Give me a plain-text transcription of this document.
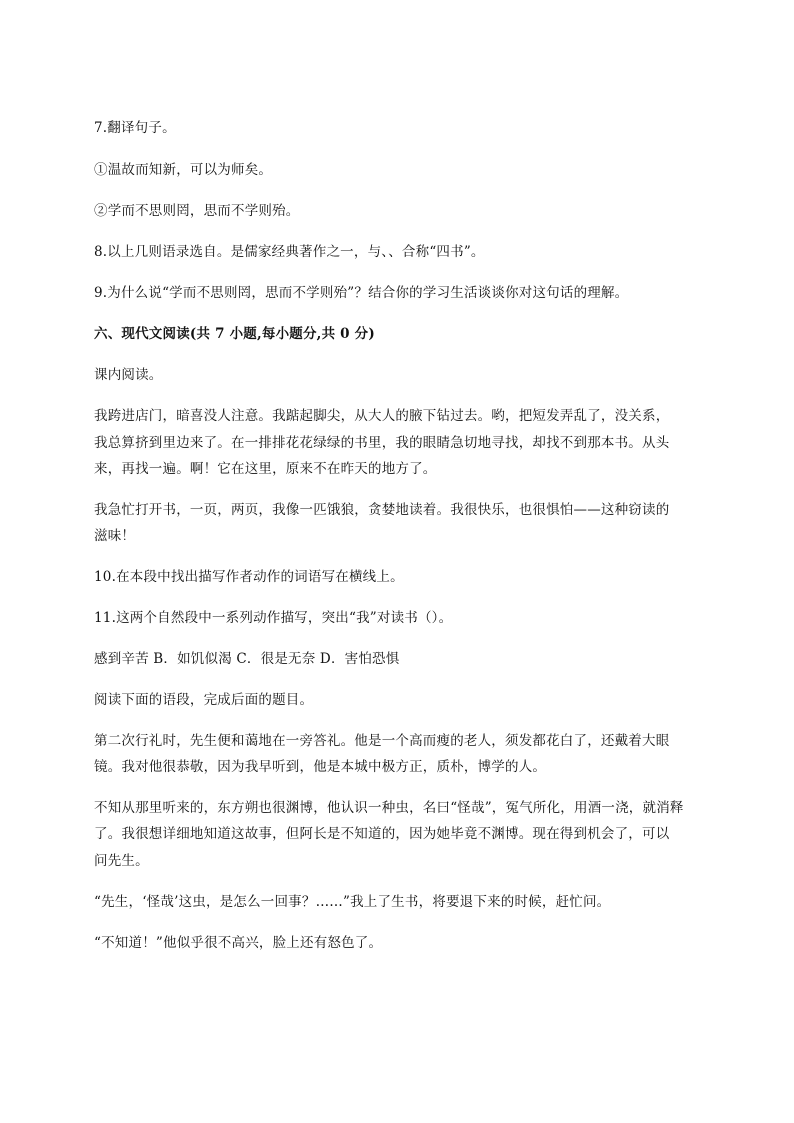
7.翻译句子。
①温故而知新，可以为师矣。
②学而不思则罔，思而不学则殆。
8.以上几则语录选自。是儒家经典著作之一，与、、合称“四书”。
9.为什么说“学而不思则罔，思而不学则殆”？结合你的学习生活谈谈你对这句话的理解。
六、现代文阅读(共 7 小题,每小题分,共 0 分)
课内阅读。
我跨进店门，暗喜没人注意。我踮起脚尖，从大人的腋下钻过去。哟，把短发弄乱了，没关系，
我总算挤到里边来了。在一排排花花绿绿的书里，我的眼睛急切地寻找，却找不到那本书。从头
来，再找一遍。啊！它在这里，原来不在昨天的地方了。
我急忙打开书，一页，两页，我像一匹饿狼，贪婪地读着。我很快乐，也很惧怕——这种窃读的
滋味！
10.在本段中找出描写作者动作的词语写在横线上。
11.这两个自然段中一系列动作描写，突出“我”对读书（）。
感到辛苦 B．如饥似渴 C．很是无奈 D．害怕恐惧
阅读下面的语段，完成后面的题目。
第二次行礼时，先生便和蔼地在一旁答礼。他是一个高而瘦的老人，须发都花白了，还戴着大眼
镜。我对他很恭敬，因为我早听到，他是本城中极方正，质朴，博学的人。
不知从那里听来的，东方朔也很渊博，他认识一种虫，名曰“怪哉”，冤气所化，用酒一浇，就消释
了。我很想详细地知道这故事，但阿长是不知道的，因为她毕竟不渊博。现在得到机会了，可以
问先生。
“先生，‘怪哉’这虫，是怎么一回事？……”我上了生书，将要退下来的时候，赶忙问。
“不知道！”他似乎很不高兴，脸上还有怒色了。
